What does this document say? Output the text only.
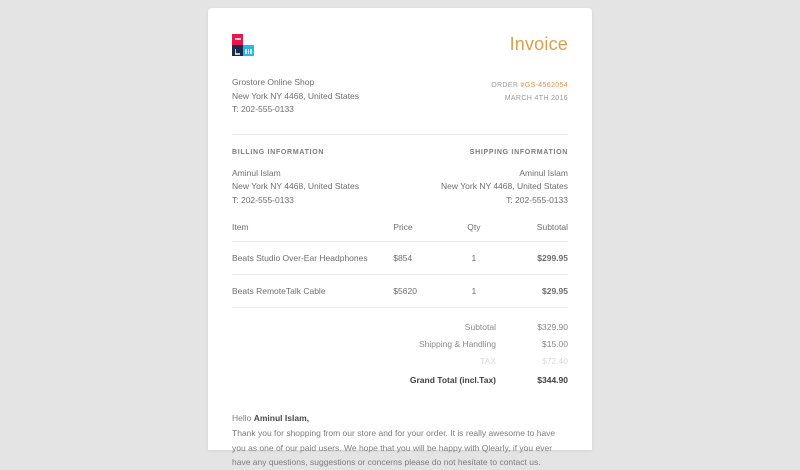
Invoice
Grostore Online Shop
New York NY 4468, United States
T: 202-555-0133
ORDER #GS-4562054
MARCH 4TH 2016
BILLING INFORMATION
Aminul Islam
New York NY 4468, United States
T: 202-555-0133
SHIPPING INFORMATION
Aminul Islam
New York NY 4468, United States
T: 202-555-0133
Item	Price	Qty	Subtotal
Beats Studio Over-Ear Headphones	$854	1	$299.95
Beats RemoteTalk Cable	$5620	1	$29.95
Subtotal	$329.90
Shipping & Handling	$15.00
TAX	$72.40
Grand Total (incl.Tax)	$344.90
Hello Aminul Islam,
Thank you for shopping from our store and for your order. It is really awesome to have you as one of our paid users. We hope that you will be happy with Qlearly, if you ever have any questions, suggestions or concerns please do not hesitate to contact us.
